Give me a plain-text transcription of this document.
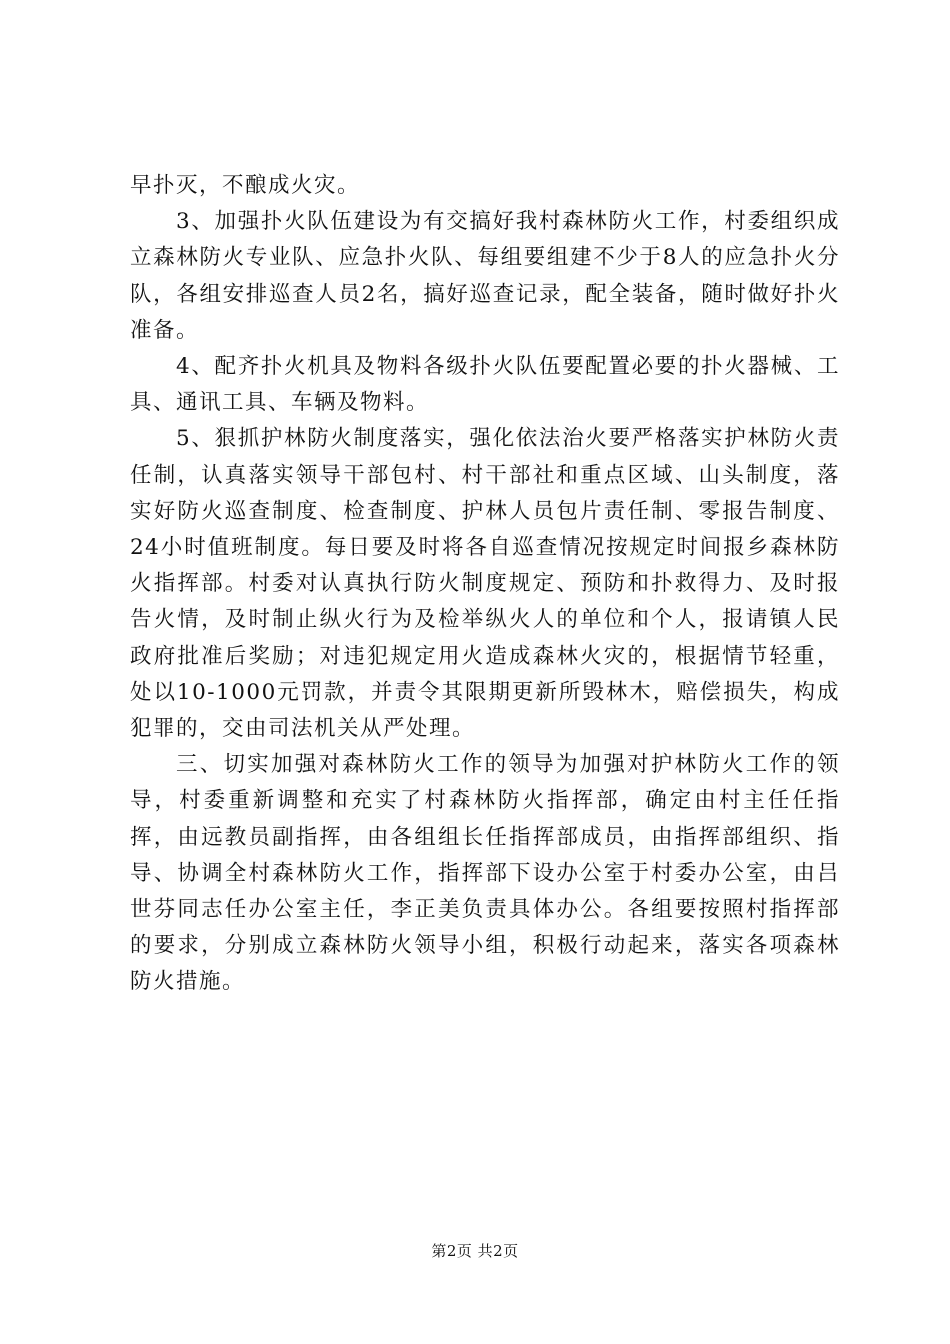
早扑灭，不酿成火灾。

3、加强扑火队伍建设为有交搞好我村森林防火工作，村委组织成立森林防火专业队、应急扑火队、每组要组建不少于8人的应急扑火分队，各组安排巡查人员2名，搞好巡查记录，配全装备，随时做好扑火准备。

4、配齐扑火机具及物料各级扑火队伍要配置必要的扑火器械、工具、通讯工具、车辆及物料。

5、狠抓护林防火制度落实，强化依法治火要严格落实护林防火责任制，认真落实领导干部包村、村干部社和重点区域、山头制度，落实好防火巡查制度、检查制度、护林人员包片责任制、零报告制度、24小时值班制度。每日要及时将各自巡查情况按规定时间报乡森林防火指挥部。村委对认真执行防火制度规定、预防和扑救得力、及时报告火情，及时制止纵火行为及检举纵火人的单位和个人，报请镇人民政府批准后奖励；对违犯规定用火造成森林火灾的，根据情节轻重，处以10-1000元罚款，并责令其限期更新所毁林木，赔偿损失，构成犯罪的，交由司法机关从严处理。

三、切实加强对森林防火工作的领导为加强对护林防火工作的领导，村委重新调整和充实了村森林防火指挥部，确定由村主任任指挥，由远教员副指挥，由各组组长任指挥部成员，由指挥部组织、指导、协调全村森林防火工作，指挥部下设办公室于村委办公室，由吕世芬同志任办公室主任，李正美负责具体办公。各组要按照村指挥部的要求，分别成立森林防火领导小组，积极行动起来，落实各项森林防火措施。

第2页 共2页
